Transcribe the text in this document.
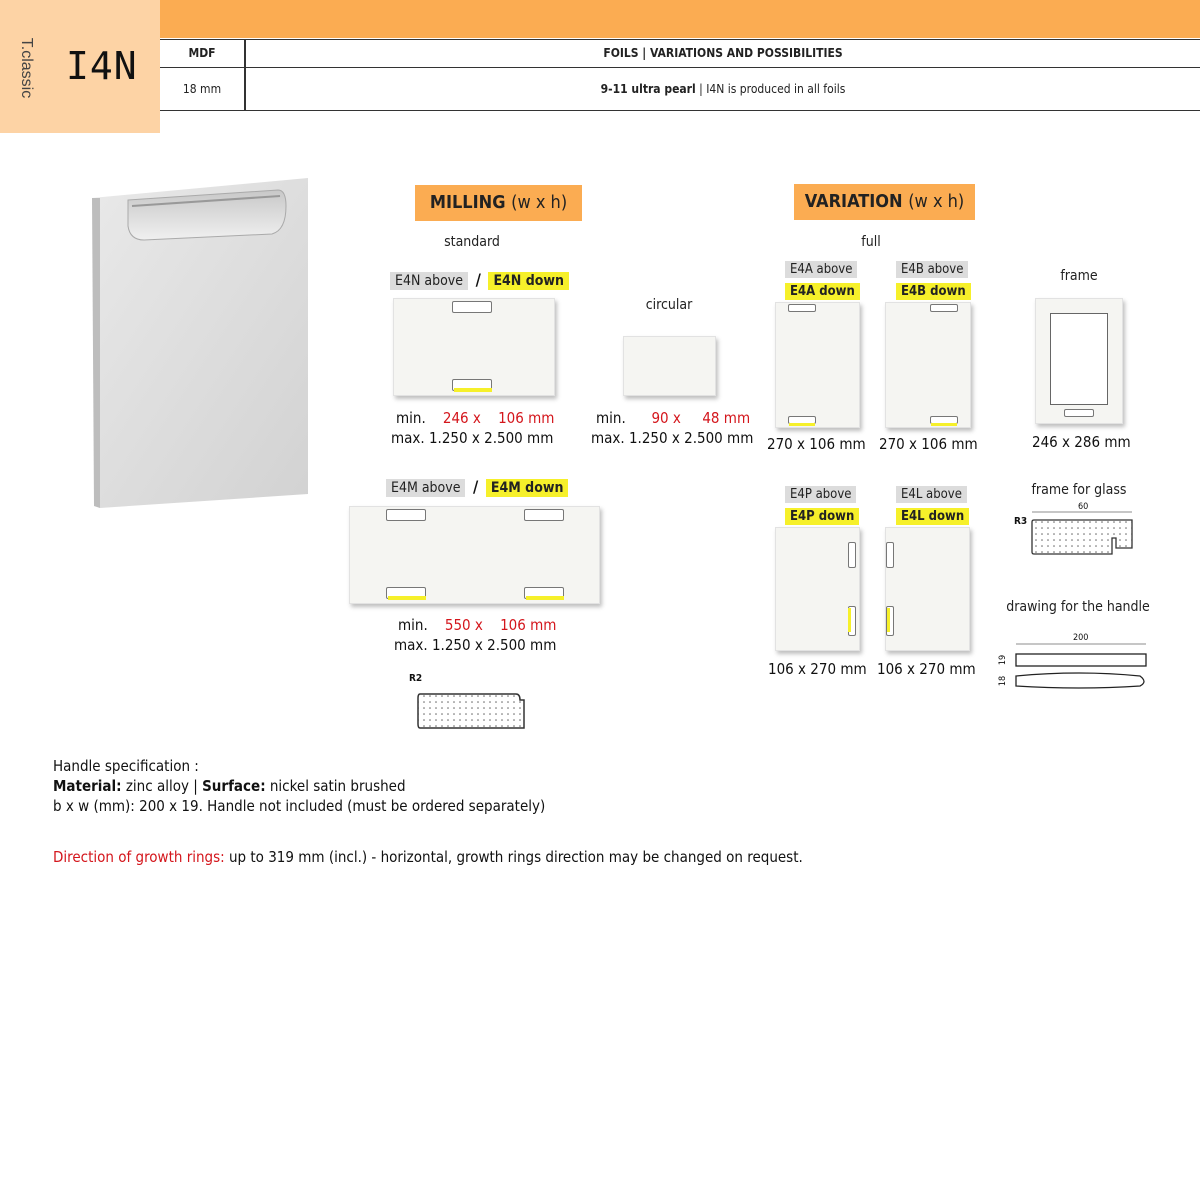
T.classic I4N	MDF	FOILS | VARIATIONS AND POSSIBILITIES
18 mm	9-11 ultra pearl | I4N is produced in all foils
MILLING (w x h)
standard
E4N above / E4N down
min. 246 x 106 mm
max. 1.250 x 2.500 mm
circular
min. 90 x 48 mm
max. 1.250 x 2.500 mm
E4M above / E4M down
min. 550 x 106 mm
max. 1.250 x 2.500 mm
R2
VARIATION (w x h)
full
E4A above
E4A down
270 x 106 mm
E4B above
E4B down
270 x 106 mm
frame
246 x 286 mm
frame for glass
R3
60
E4P above
E4P down
106 x 270 mm
E4L above
E4L down
106 x 270 mm
drawing for the handle
200
19
18
Handle specification :
Material: zinc alloy | Surface: nickel satin brushed
b x w (mm): 200 x 19. Handle not included (must be ordered separately)
Direction of growth rings: up to 319 mm (incl.) - horizontal, growth rings direction may be changed on request.
